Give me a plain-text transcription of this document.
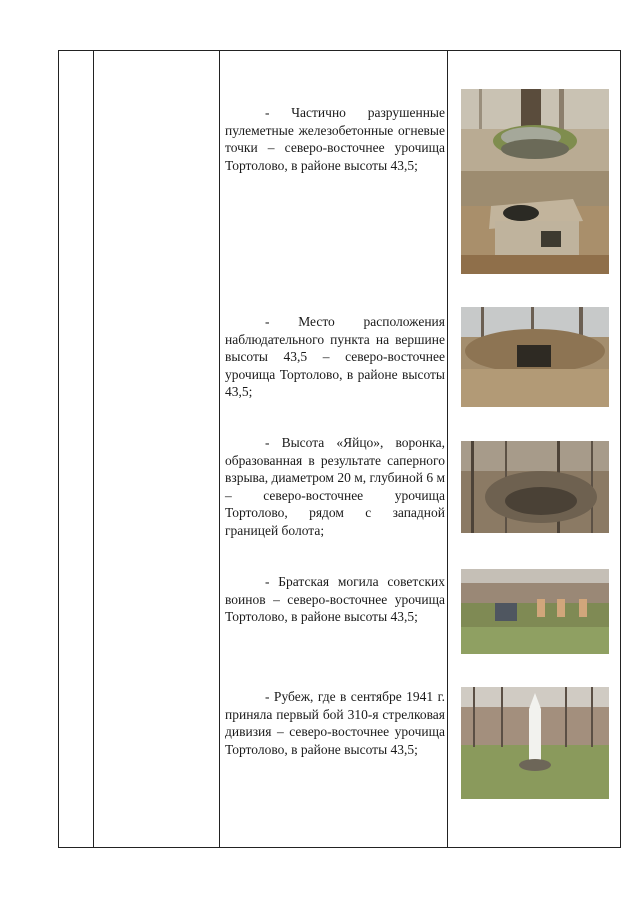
- Частично разрушенные пулеметные железобетонные огневые точки – северо-восточнее урочища Тортолово, в районе высоты 43,5;
- Место расположения наблюдательного пункта на вершине высоты 43,5 – северо-восточнее урочища Тортолово, в районе высоты 43,5;
- Высота «Яйцо», воронка, образованная в результате саперного взрыва, диаметром 20 м, глубиной 6 м – северо-восточнее урочища Тортолово, рядом с западной границей болота;
- Братская могила советских воинов – северо-восточнее урочища Тортолово, в районе высоты 43,5;
- Рубеж, где в сентябре 1941 г. приняла первый бой 310-я стрелковая дивизия – северо-восточнее урочища Тортолово, в районе высоты 43,5;
